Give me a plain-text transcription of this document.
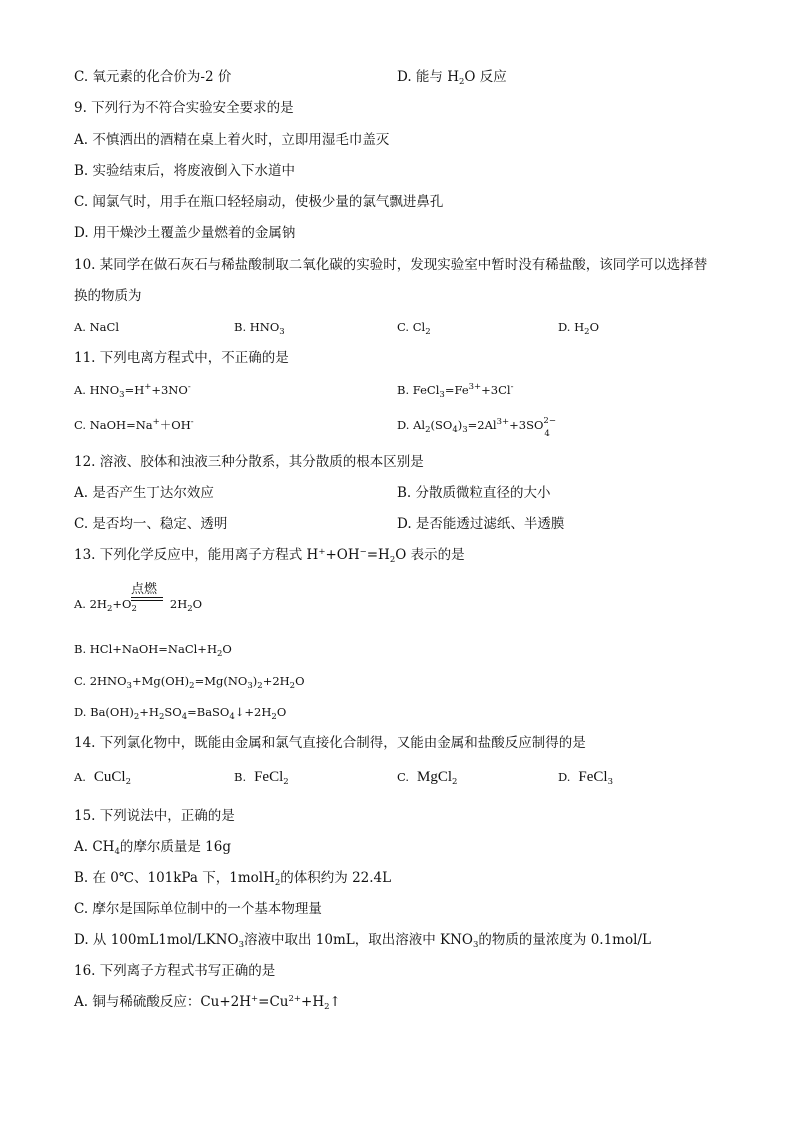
C. 氧元素的化合价为-2 价	D. 能与 $H_2O$ 反应
9. 下列行为不符合实验安全要求的是
A. 不慎洒出的酒精在桌上着火时，立即用湿毛巾盖灭
B. 实验结束后，将废液倒入下水道中
C. 闻氯气时，用手在瓶口轻轻扇动，使极少量的氯气飘进鼻孔
D. 用干燥沙土覆盖少量燃着的金属钠
10. 某同学在做石灰石与稀盐酸制取二氧化碳的实验时，发现实验室中暂时没有稀盐酸，该同学可以选择替
换的物质为
A. NaCl	B. $HNO_3$	C. $Cl_2$	D. $H_2O$
11. 下列电离方程式中，不正确的是
A. $HNO_3=H^++3NO^-$	B. $FeCl_3=Fe^{3+}+3Cl^-$
C. NaOH=Na+＋OH-	D. $Al_2(SO_4)_3=2Al^{3+}+3SO$ 2−
4
12. 溶液、胶体和浊液三种分散系，其分散质的根本区别是
A. 是否产生丁达尔效应	B. 分散质微粒直径的大小
C. 是否均一、稳定、透明	D. 是否能透过滤纸、半透膜
13. 下列化学反应中，能用离子方程式 $H^++OH^-=H_2O$ 表示的是
点燃
A. $2H_2+O_2$	$2H_2O$
B. $HCl+NaOH=NaCl+H_2O$
C. $2HNO_3+Mg(OH)_2=Mg(NO_3)_2+2H_2O$
D. $Ba(OH)_2+H_2SO_4=BaSO_4↓+2H_2O$
14. 下列氯化物中，既能由金属和氯气直接化合制得，又能由金属和盐酸反应制得的是
A. CuCl$_2$	B. FeCl$_2$	C. MgCl$_2$	D. FeCl$_3$
15. 下列说法中，正确的是
A. $CH_4$的摩尔质量是 16g
B. 在 0℃、101kPa 下，1molH$_2$的体积约为 22.4L
C. 摩尔是国际单位制中的一个基本物理量
D. 从 $100mL1mol/LKNO_3$溶液中取出 10mL，取出溶液中 $KNO_3$的物质的量浓度为 0.1mol/L
16. 下列离子方程式书写正确的是
A. 铜与稀硫酸反应：$Cu+2H^+=Cu^{2+}+H_2↑$
